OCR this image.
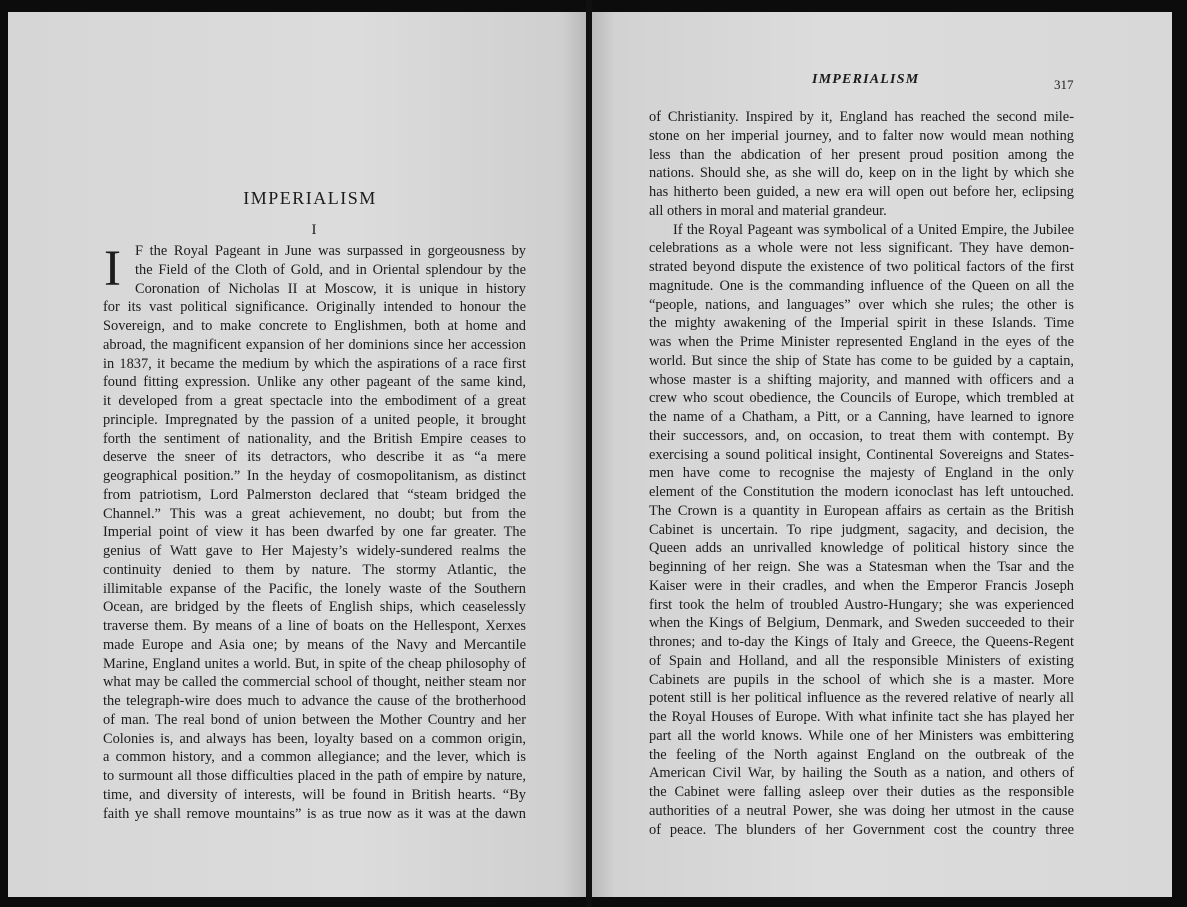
IMPERIALISM
I
I F the Royal Pageant in June was surpassed in gorgeousness by
the Field of the Cloth of Gold, and in Oriental splendour by the
Coronation of Nicholas II at Moscow, it is unique in history
for its vast political significance. Originally intended to honour the
Sovereign, and to make concrete to Englishmen, both at home and
abroad, the magnificent expansion of her dominions since her accession
in 1837, it became the medium by which the aspirations of a race first
found fitting expression. Unlike any other pageant of the same kind,
it developed from a great spectacle into the embodiment of a great
principle. Impregnated by the passion of a united people, it brought
forth the sentiment of nationality, and the British Empire ceases to
deserve the sneer of its detractors, who describe it as “a mere
geographical position.” In the heyday of cosmopolitanism, as distinct
from patriotism, Lord Palmerston declared that “steam bridged the
Channel.” This was a great achievement, no doubt; but from the
Imperial point of view it has been dwarfed by one far greater. The
genius of Watt gave to Her Majesty’s widely-sundered realms the
continuity denied to them by nature. The stormy Atlantic, the
illimitable expanse of the Pacific, the lonely waste of the Southern
Ocean, are bridged by the fleets of English ships, which ceaselessly
traverse them. By means of a line of boats on the Hellespont, Xerxes
made Europe and Asia one; by means of the Navy and Mercantile
Marine, England unites a world. But, in spite of the cheap philosophy of
what may be called the commercial school of thought, neither steam nor
the telegraph-wire does much to advance the cause of the brotherhood
of man. The real bond of union between the Mother Country and her
Colonies is, and always has been, loyalty based on a common origin,
a common history, and a common allegiance; and the lever, which is
to surmount all those difficulties placed in the path of empire by nature,
time, and diversity of interests, will be found in British hearts. “By
faith ye shall remove mountains” is as true now as it was at the dawn
IMPERIALISM	317
of Christianity. Inspired by it, England has reached the second mile-
stone on her imperial journey, and to falter now would mean nothing
less than the abdication of her present proud position among the
nations. Should she, as she will do, keep on in the light by which she
has hitherto been guided, a new era will open out before her, eclipsing
all others in moral and material grandeur.
If the Royal Pageant was symbolical of a United Empire, the Jubilee
celebrations as a whole were not less significant. They have demon-
strated beyond dispute the existence of two political factors of the first
magnitude. One is the commanding influence of the Queen on all the
“people, nations, and languages” over which she rules; the other is
the mighty awakening of the Imperial spirit in these Islands. Time
was when the Prime Minister represented England in the eyes of the
world. But since the ship of State has come to be guided by a captain,
whose master is a shifting majority, and manned with officers and a
crew who scout obedience, the Councils of Europe, which trembled at
the name of a Chatham, a Pitt, or a Canning, have learned to ignore
their successors, and, on occasion, to treat them with contempt. By
exercising a sound political insight, Continental Sovereigns and States-
men have come to recognise the majesty of England in the only
element of the Constitution the modern iconoclast has left untouched.
The Crown is a quantity in European affairs as certain as the British
Cabinet is uncertain. To ripe judgment, sagacity, and decision, the
Queen adds an unrivalled knowledge of political history since the
beginning of her reign. She was a Statesman when the Tsar and the
Kaiser were in their cradles, and when the Emperor Francis Joseph
first took the helm of troubled Austro-Hungary; she was experienced
when the Kings of Belgium, Denmark, and Sweden succeeded to their
thrones; and to-day the Kings of Italy and Greece, the Queens-Regent
of Spain and Holland, and all the responsible Ministers of existing
Cabinets are pupils in the school of which she is a master. More
potent still is her political influence as the revered relative of nearly all
the Royal Houses of Europe. With what infinite tact she has played her
part all the world knows. While one of her Ministers was embittering
the feeling of the North against England on the outbreak of the
American Civil War, by hailing the South as a nation, and others of
the Cabinet were falling asleep over their duties as the responsible
authorities of a neutral Power, she was doing her utmost in the cause
of peace. The blunders of her Government cost the country three
